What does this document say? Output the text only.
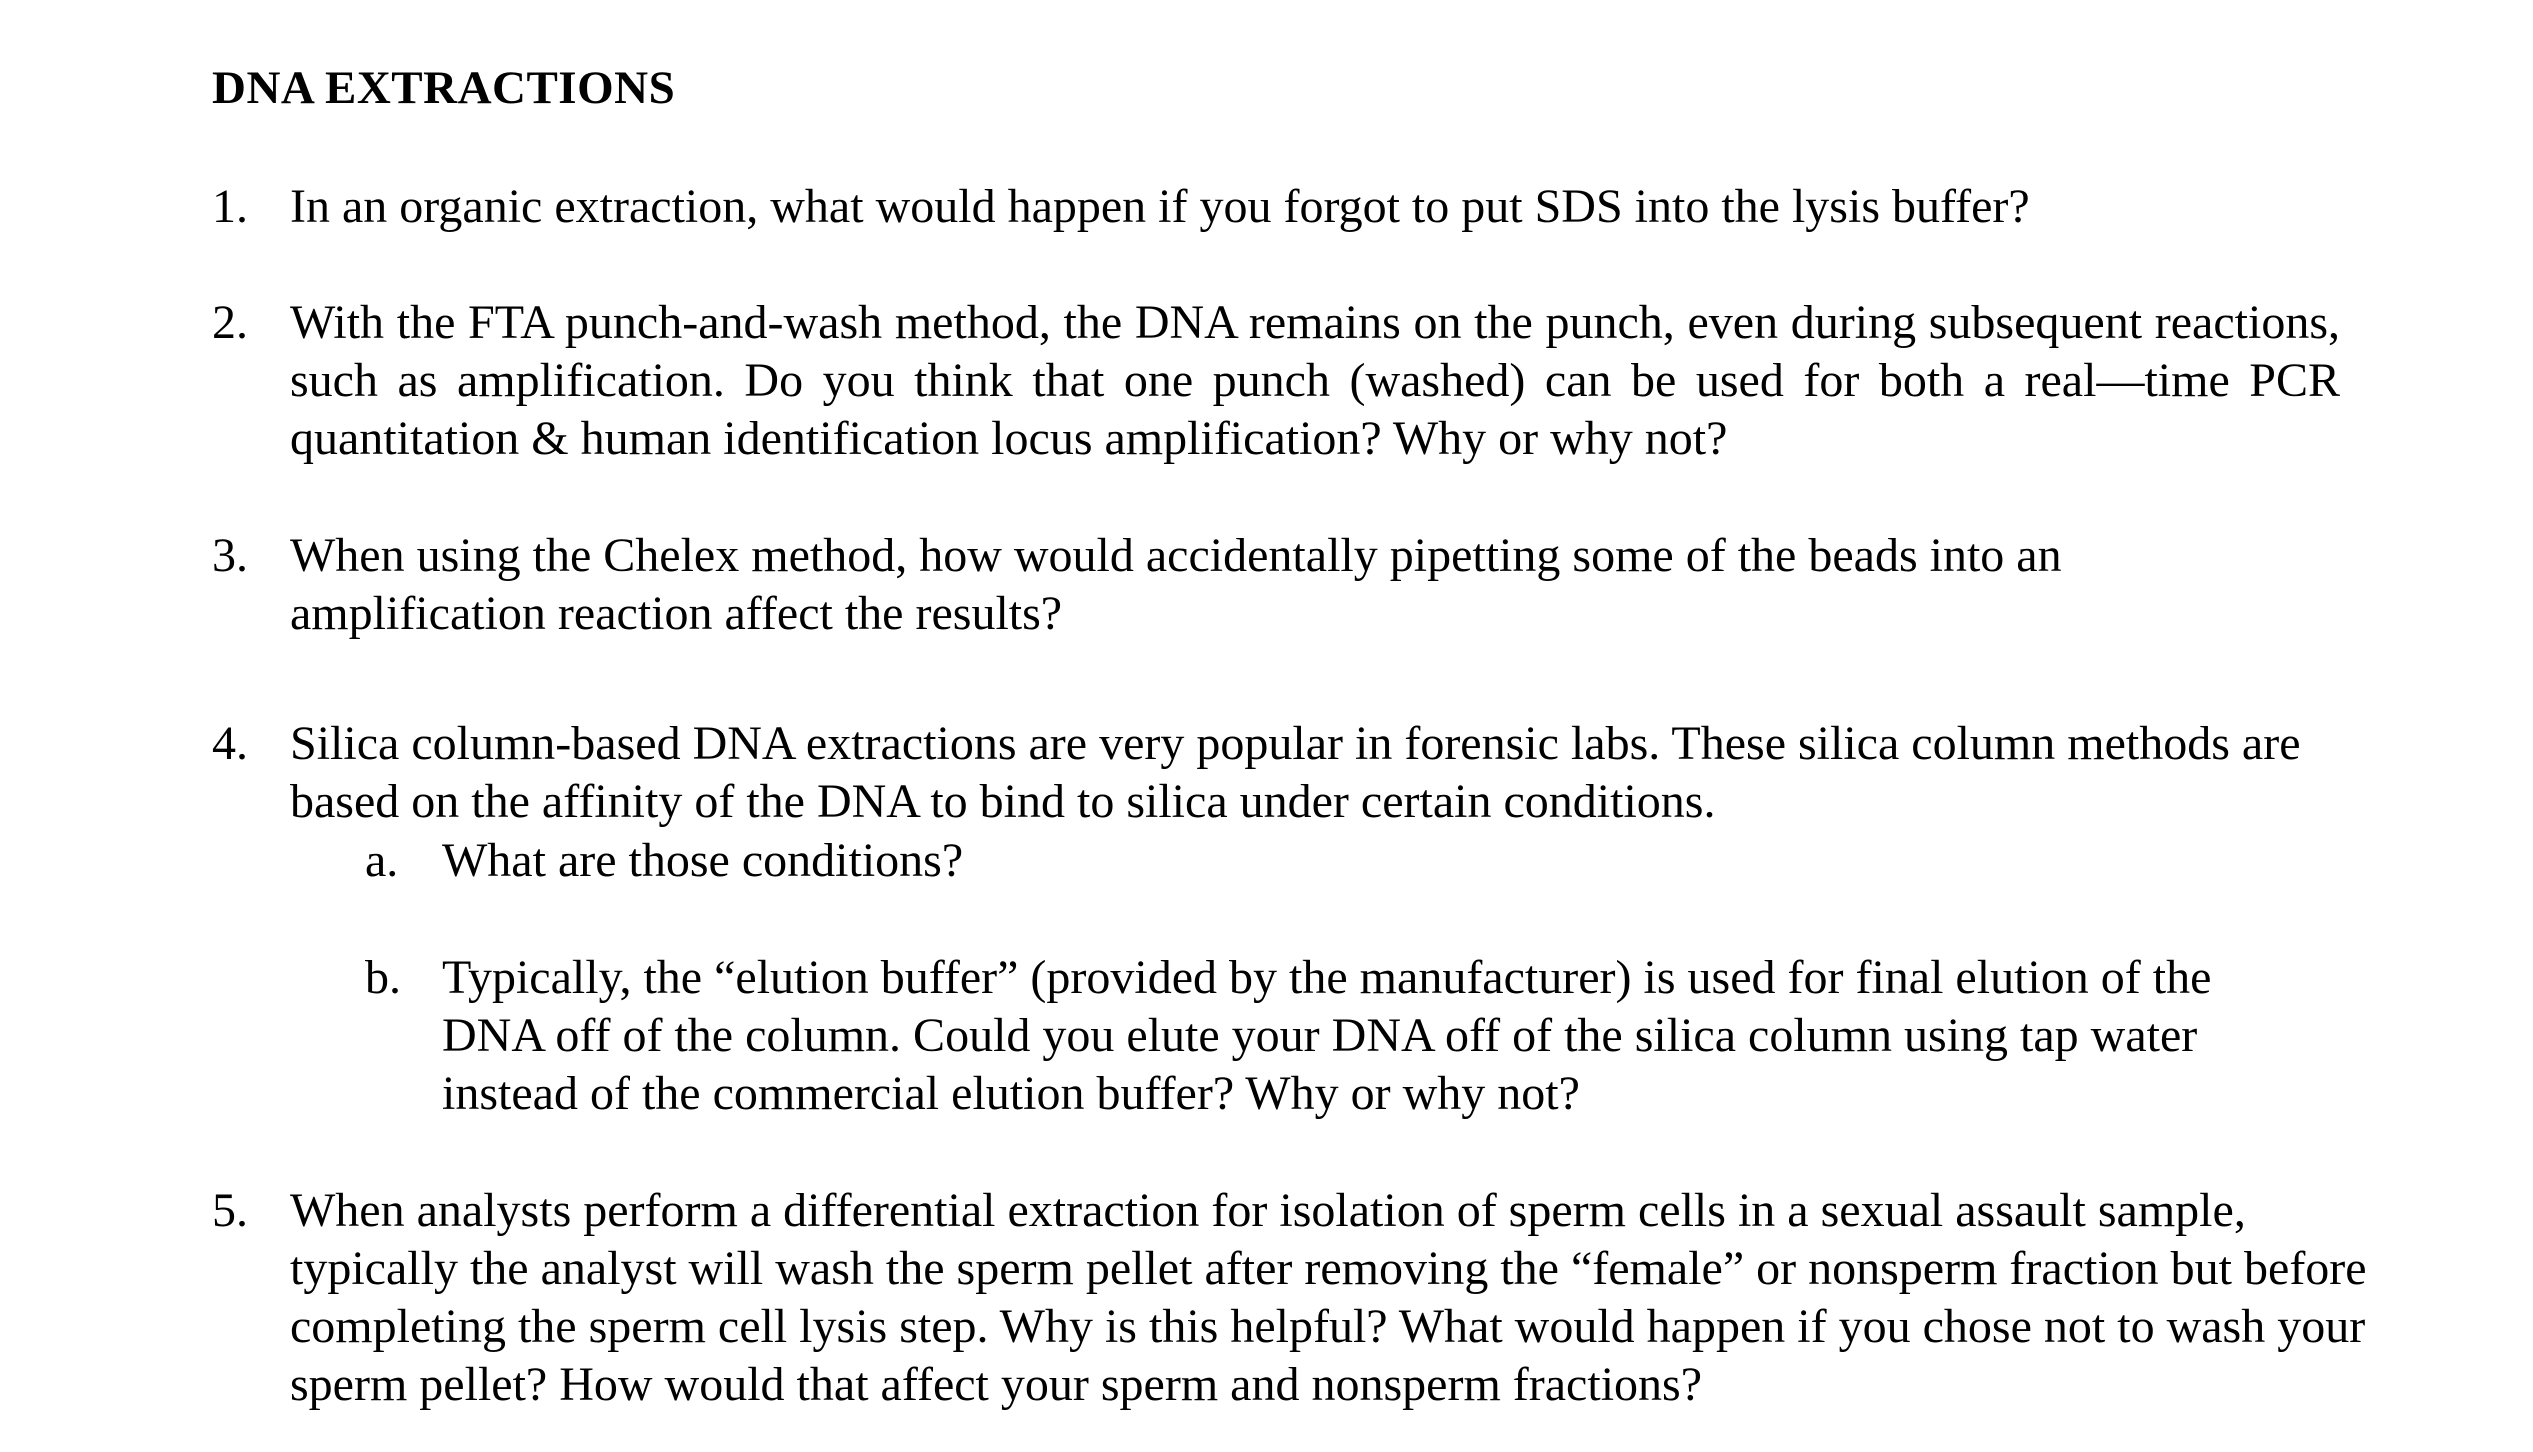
DNA EXTRACTIONS
1. In an organic extraction, what would happen if you forgot to put SDS into the lysis buffer?
2. With the FTA punch-and-wash method, the DNA remains on the punch, even during subsequent reactions, such as amplification. Do you think that one punch (washed) can be used for both a real—time PCR quantitation & human identification locus amplification? Why or why not?
3. When using the Chelex method, how would accidentally pipetting some of the beads into an amplification reaction affect the results?
4. Silica column-based DNA extractions are very popular in forensic labs. These silica column methods are based on the affinity of the DNA to bind to silica under certain conditions.
a. What are those conditions?
b. Typically, the “elution buffer” (provided by the manufacturer) is used for final elution of the DNA off of the column. Could you elute your DNA off of the silica column using tap water instead of the commercial elution buffer? Why or why not?
5. When analysts perform a differential extraction for isolation of sperm cells in a sexual assault sample, typically the analyst will wash the sperm pellet after removing the “female” or nonsperm fraction but before completing the sperm cell lysis step. Why is this helpful? What would happen if you chose not to wash your sperm pellet? How would that affect your sperm and nonsperm fractions?
